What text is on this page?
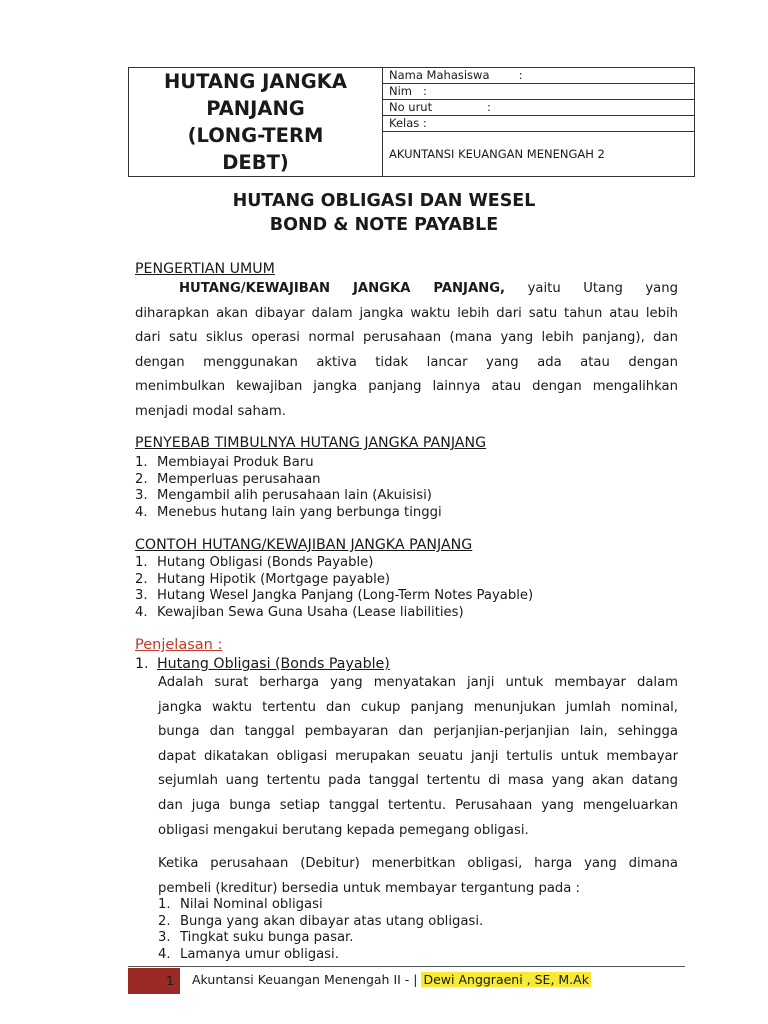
HUTANG JANGKA
PANJANG
(LONG-TERM
DEBT)
Nama Mahasiswa        :
Nim   :
No urut               :
Kelas :
AKUNTANSI KEUANGAN MENENGAH 2
HUTANG OBLIGASI DAN WESEL
BOND & NOTE PAYABLE
PENGERTIAN UMUM
HUTANG/KEWAJIBAN JANGKA PANJANG, yaitu Utang yang
diharapkan akan dibayar dalam jangka waktu lebih dari satu tahun atau lebih
dari satu siklus operasi normal perusahaan (mana yang lebih panjang), dan
dengan menggunakan aktiva tidak lancar yang ada atau dengan
menimbulkan kewajiban jangka panjang lainnya atau dengan mengalihkan
menjadi modal saham.
PENYEBAB TIMBULNYA HUTANG JANGKA PANJANG
1. Membiayai Produk Baru
2. Memperluas perusahaan
3. Mengambil alih perusahaan lain (Akuisisi)
4. Menebus hutang lain yang berbunga tinggi
CONTOH HUTANG/KEWAJIBAN JANGKA PANJANG
1. Hutang Obligasi (Bonds Payable)
2. Hutang Hipotik (Mortgage payable)
3. Hutang Wesel Jangka Panjang (Long-Term Notes Payable)
4. Kewajiban Sewa Guna Usaha (Lease liabilities)
Penjelasan :
1. Hutang Obligasi (Bonds Payable)
Adalah surat berharga yang menyatakan janji untuk membayar dalam
jangka waktu tertentu dan cukup panjang menunjukan jumlah nominal,
bunga dan tanggal pembayaran dan perjanjian-perjanjian lain, sehingga
dapat dikatakan obligasi merupakan seuatu janji tertulis untuk membayar
sejumlah uang tertentu pada tanggal tertentu di masa yang akan datang
dan juga bunga setiap tanggal tertentu. Perusahaan yang mengeluarkan
obligasi mengakui berutang kepada pemegang obligasi.
Ketika perusahaan (Debitur) menerbitkan obligasi, harga yang dimana
pembeli (kreditur) bersedia untuk membayar tergantung pada :
1. Nilai Nominal obligasi
2. Bunga yang akan dibayar atas utang obligasi.
3. Tingkat suku bunga pasar.
4. Lamanya umur obligasi.
1	Akuntansi Keuangan Menengah II - | Dewi Anggraeni , SE, M.Ak
